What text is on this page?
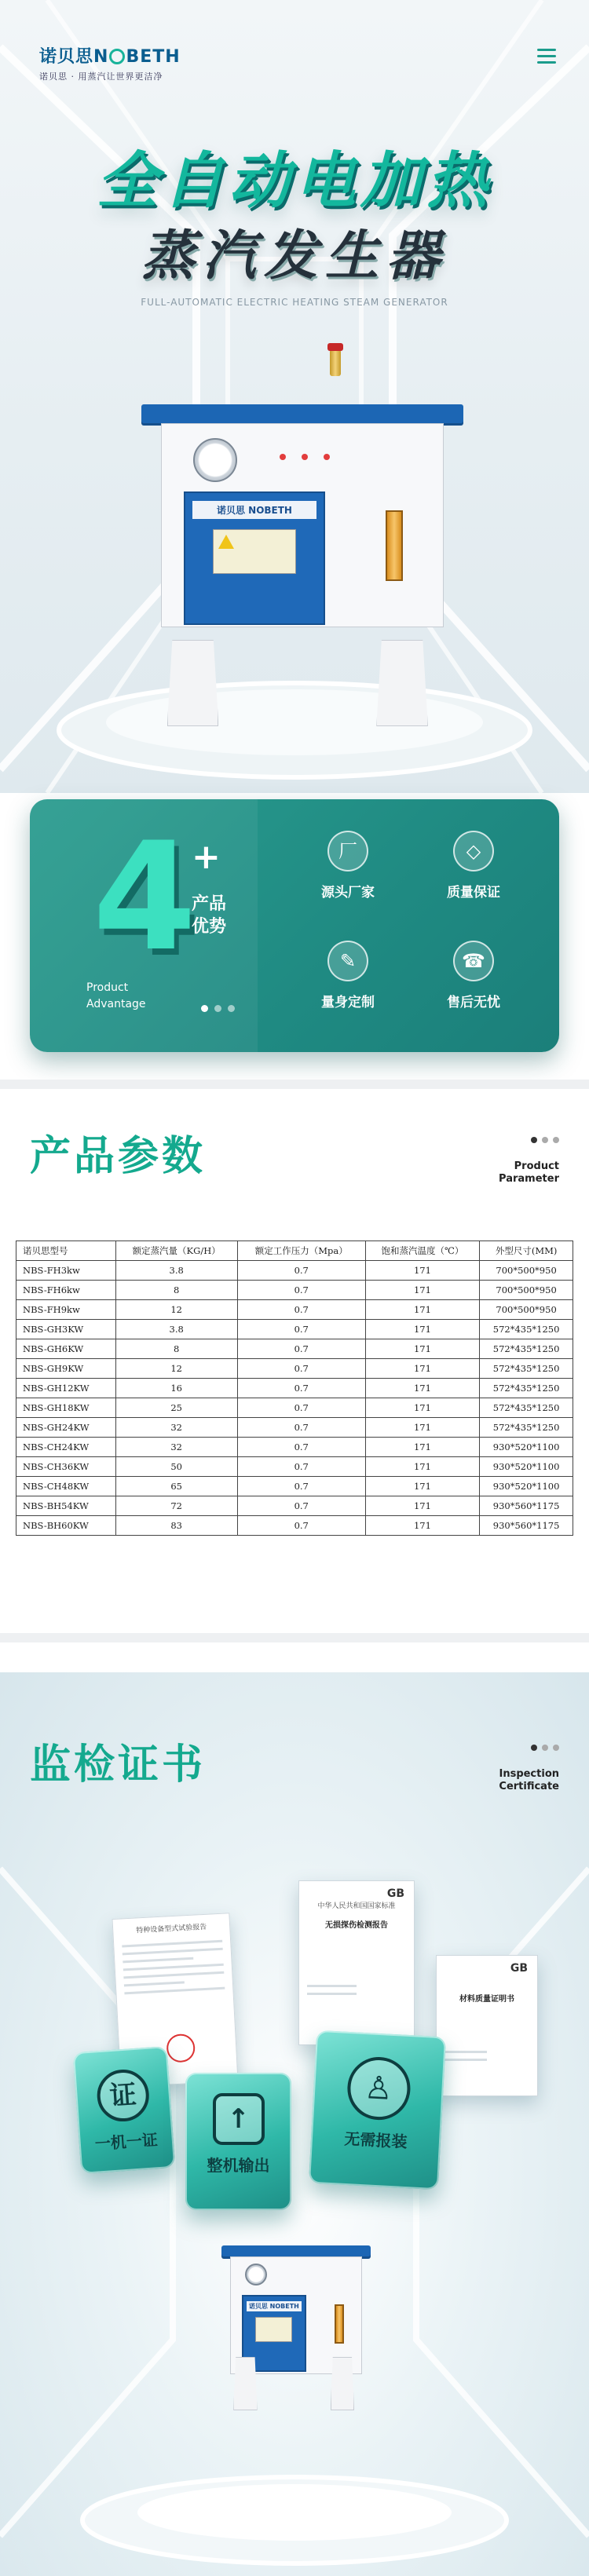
诺贝思N BETH
诺贝思 · 用蒸汽让世界更洁净
全自动电加热
蒸汽发生器
FULL-AUTOMATIC ELECTRIC HEATING STEAM GENERATOR
诺贝思 NOBETH
4
+
产品
优势
Product
Advantage
厂
源头厂家
◇
质量保证
✎
量身定制
☎
售后无忧
产品参数	Product
Parameter
诺贝思型号	额定蒸汽量（KG/H）	额定工作压力（Mpa）	饱和蒸汽温度（℃）	外型尺寸(MM)
NBS-FH3kw	3.8	0.7	171	700*500*950
NBS-FH6kw	8	0.7	171	700*500*950
NBS-FH9kw	12	0.7	171	700*500*950
NBS-GH3KW	3.8	0.7	171	572*435*1250
NBS-GH6KW	8	0.7	171	572*435*1250
NBS-GH9KW	12	0.7	171	572*435*1250
NBS-GH12KW	16	0.7	171	572*435*1250
NBS-GH18KW	25	0.7	171	572*435*1250
NBS-GH24KW	32	0.7	171	572*435*1250
NBS-CH24KW	32	0.7	171	930*520*1100
NBS-CH36KW	50	0.7	171	930*520*1100
NBS-CH48KW	65	0.7	171	930*520*1100
NBS-BH54KW	72	0.7	171	930*560*1175
NBS-BH60KW	83	0.7	171	930*560*1175
监检证书	Inspection
Certificate
特种设备型式试验报告
GB
中华人民共和国国家标准
无损探伤检测报告
GB
材料质量证明书
证
一机一证
↑
整机输出
♙
无需报装
诺贝思 NOBETH
